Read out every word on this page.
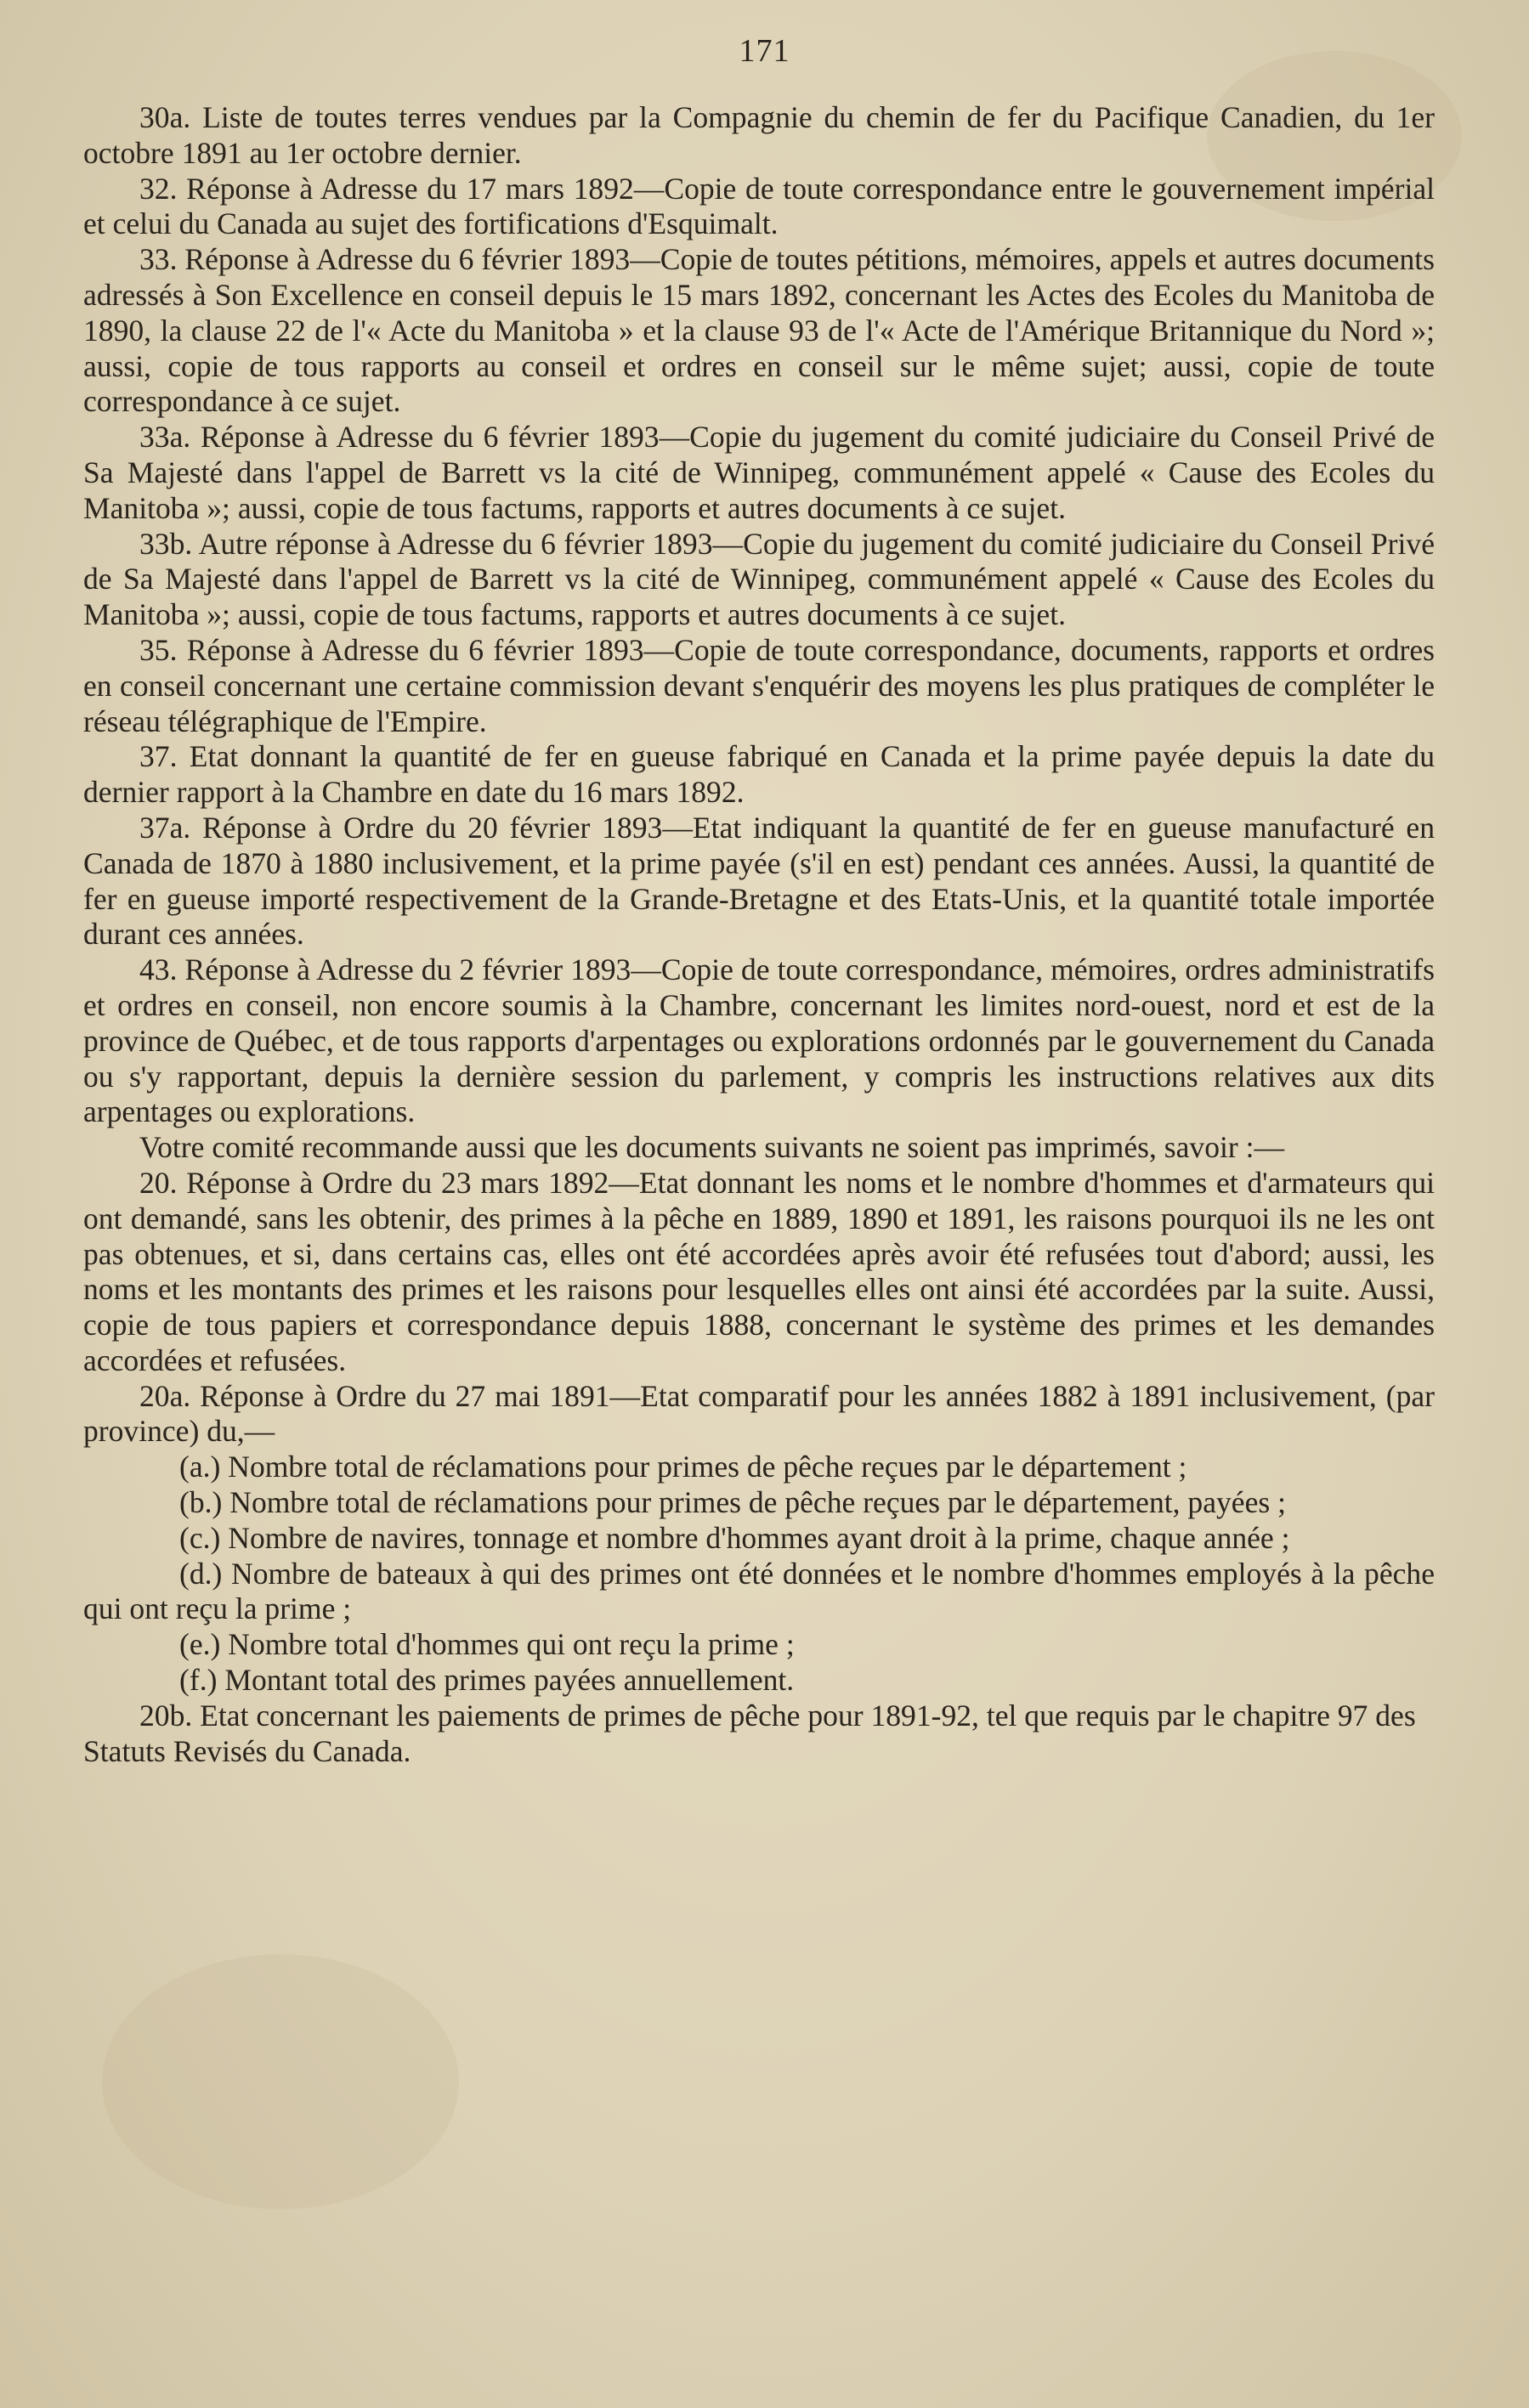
171

30a. Liste de toutes terres vendues par la Compagnie du chemin de fer du Pacifique Canadien, du 1er octobre 1891 au 1er octobre dernier.

32. Réponse à Adresse du 17 mars 1892—Copie de toute correspondance entre le gouvernement impérial et celui du Canada au sujet des fortifications d'Esquimalt.

33. Réponse à Adresse du 6 février 1893—Copie de toutes pétitions, mémoires, appels et autres documents adressés à Son Excellence en conseil depuis le 15 mars 1892, concernant les Actes des Ecoles du Manitoba de 1890, la clause 22 de l'« Acte du Manitoba » et la clause 93 de l'« Acte de l'Amérique Britannique du Nord »; aussi, copie de tous rapports au conseil et ordres en conseil sur le même sujet; aussi, copie de toute correspondance à ce sujet.

33a. Réponse à Adresse du 6 février 1893—Copie du jugement du comité judiciaire du Conseil Privé de Sa Majesté dans l'appel de Barrett vs la cité de Winnipeg, communément appelé « Cause des Ecoles du Manitoba »; aussi, copie de tous factums, rapports et autres documents à ce sujet.

33b. Autre réponse à Adresse du 6 février 1893—Copie du jugement du comité judiciaire du Conseil Privé de Sa Majesté dans l'appel de Barrett vs la cité de Winnipeg, communément appelé « Cause des Ecoles du Manitoba »; aussi, copie de tous factums, rapports et autres documents à ce sujet.

35. Réponse à Adresse du 6 février 1893—Copie de toute correspondance, documents, rapports et ordres en conseil concernant une certaine commission devant s'enquérir des moyens les plus pratiques de compléter le réseau télégraphique de l'Empire.

37. Etat donnant la quantité de fer en gueuse fabriqué en Canada et la prime payée depuis la date du dernier rapport à la Chambre en date du 16 mars 1892.

37a. Réponse à Ordre du 20 février 1893—Etat indiquant la quantité de fer en gueuse manufacturé en Canada de 1870 à 1880 inclusivement, et la prime payée (s'il en est) pendant ces années. Aussi, la quantité de fer en gueuse importé respectivement de la Grande-Bretagne et des Etats-Unis, et la quantité totale importée durant ces années.

43. Réponse à Adresse du 2 février 1893—Copie de toute correspondance, mémoires, ordres administratifs et ordres en conseil, non encore soumis à la Chambre, concernant les limites nord-ouest, nord et est de la province de Québec, et de tous rapports d'arpentages ou explorations ordonnés par le gouvernement du Canada ou s'y rapportant, depuis la dernière session du parlement, y compris les instructions relatives aux dits arpentages ou explorations.

Votre comité recommande aussi que les documents suivants ne soient pas imprimés, savoir :—

20. Réponse à Ordre du 23 mars 1892—Etat donnant les noms et le nombre d'hommes et d'armateurs qui ont demandé, sans les obtenir, des primes à la pêche en 1889, 1890 et 1891, les raisons pourquoi ils ne les ont pas obtenues, et si, dans certains cas, elles ont été accordées après avoir été refusées tout d'abord; aussi, les noms et les montants des primes et les raisons pour lesquelles elles ont ainsi été accordées par la suite. Aussi, copie de tous papiers et correspondance depuis 1888, concernant le système des primes et les demandes accordées et refusées.

20a. Réponse à Ordre du 27 mai 1891—Etat comparatif pour les années 1882 à 1891 inclusivement, (par province) du,—

(a.) Nombre total de réclamations pour primes de pêche reçues par le département ;

(b.) Nombre total de réclamations pour primes de pêche reçues par le département, payées ;

(c.) Nombre de navires, tonnage et nombre d'hommes ayant droit à la prime, chaque année ;

(d.) Nombre de bateaux à qui des primes ont été données et le nombre d'hommes employés à la pêche qui ont reçu la prime ;

(e.) Nombre total d'hommes qui ont reçu la prime ;

(f.) Montant total des primes payées annuellement.

20b. Etat concernant les paiements de primes de pêche pour 1891-92, tel que requis par le chapitre 97 des Statuts Revisés du Canada.
